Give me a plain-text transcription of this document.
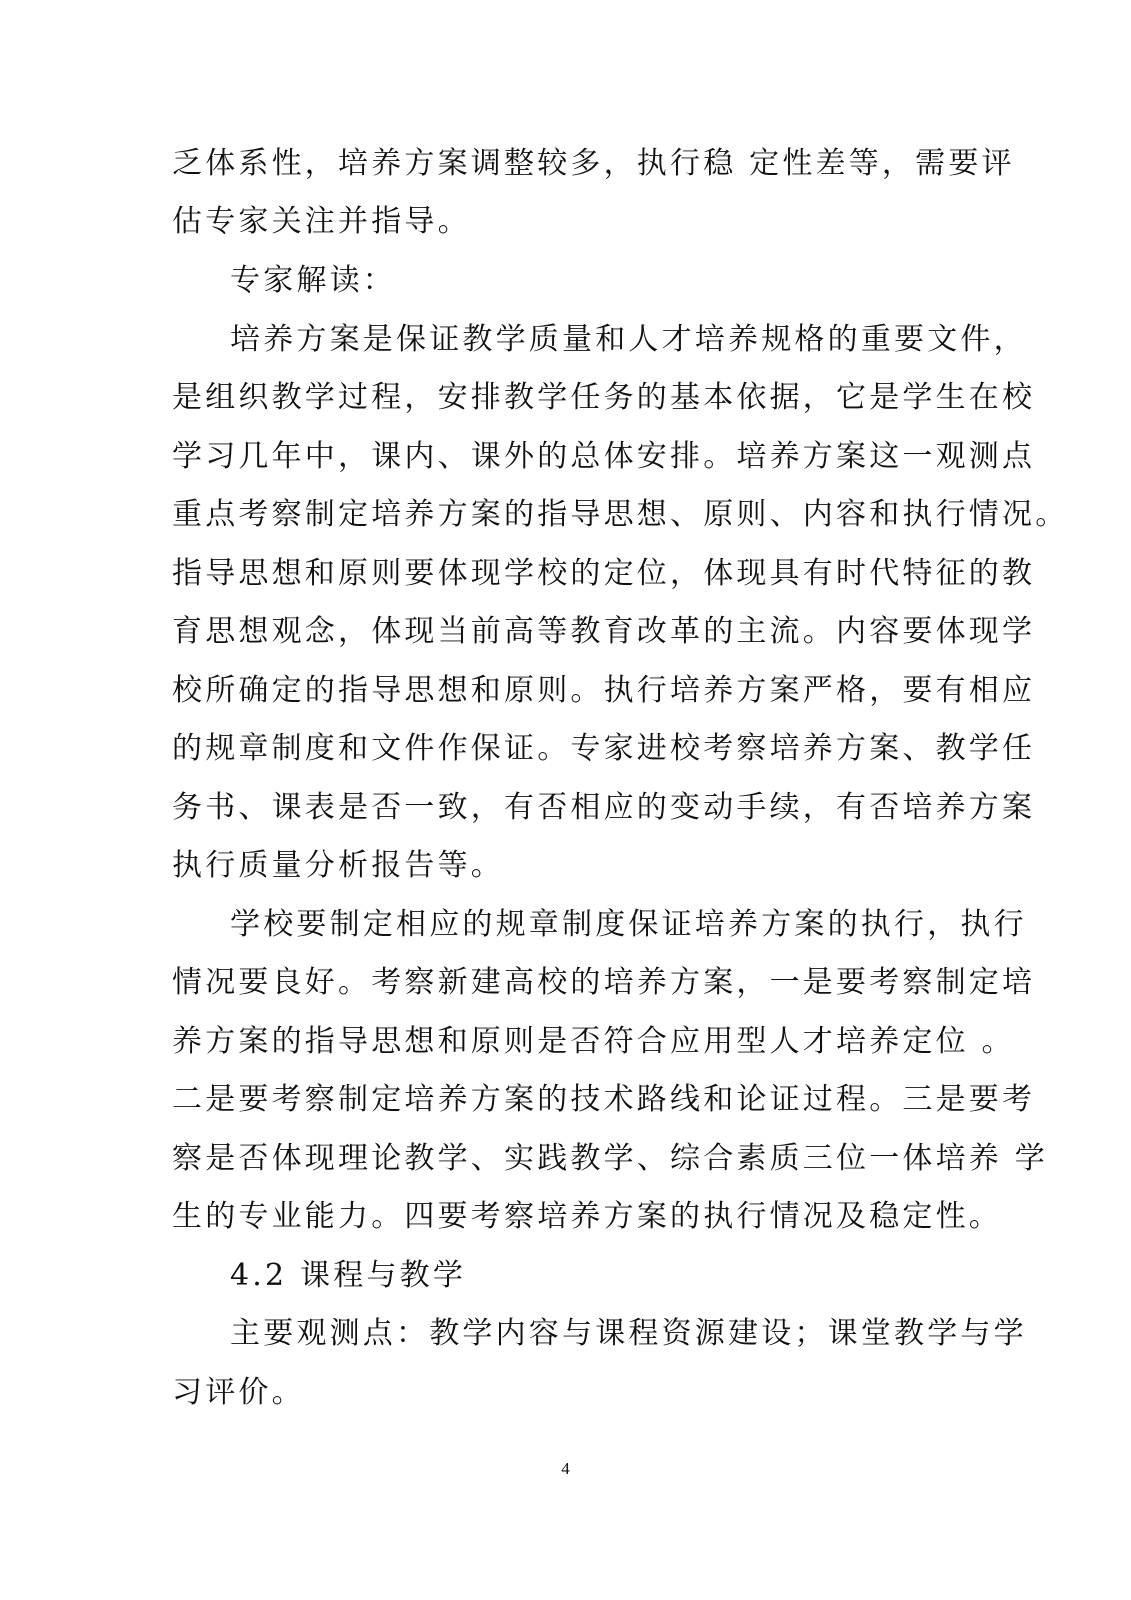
乏体系性，培养方案调整较多，执行稳 定性差等，需要评
估专家关注并指导。
专家解读：
培养方案是保证教学质量和人才培养规格的重要文件，
是组织教学过程，安排教学任务的基本依据，它是学生在校
学习几年中，课内、课外的总体安排。培养方案这一观测点
重点考察制定培养方案的指导思想、原则、内容和执行情况。
指导思想和原则要体现学校的定位，体现具有时代特征的教
育思想观念，体现当前高等教育改革的主流。内容要体现学
校所确定的指导思想和原则。执行培养方案严格，要有相应
的规章制度和文件作保证。专家进校考察培养方案、教学任
务书、课表是否一致，有否相应的变动手续，有否培养方案
执行质量分析报告等。
学校要制定相应的规章制度保证培养方案的执行，执行
情况要良好。考察新建高校的培养方案，一是要考察制定培
养方案的指导思想和原则是否符合应用型人才培养定位 。
二是要考察制定培养方案的技术路线和论证过程。三是要考
察是否体现理论教学、实践教学、综合素质三位一体培养 学
生的专业能力。四要考察培养方案的执行情况及稳定性。
4.2 课程与教学
主要观测点：教学内容与课程资源建设；课堂教学与学
习评价。
4
